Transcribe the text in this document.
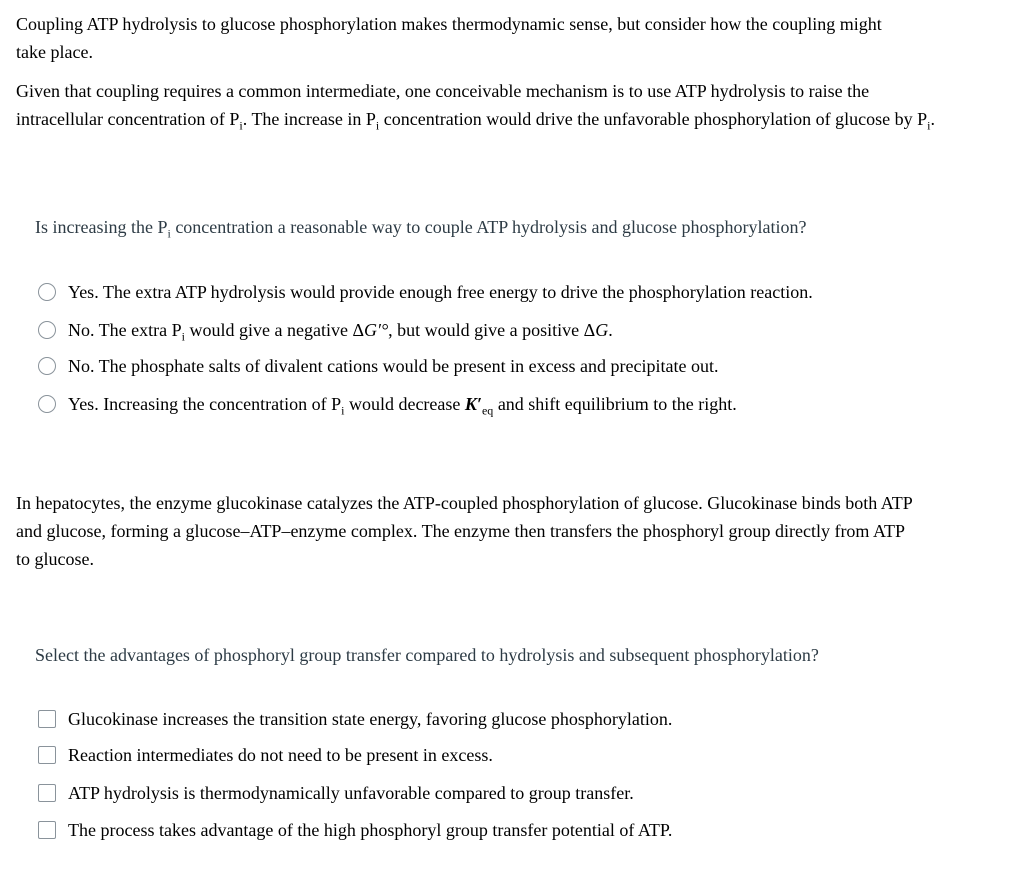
Coupling ATP hydrolysis to glucose phosphorylation makes thermodynamic sense, but consider how the coupling might
take place.

Given that coupling requires a common intermediate, one conceivable mechanism is to use ATP hydrolysis to raise the
intracellular concentration of $P_i$. The increase in $P_i$ concentration would drive the unfavorable phosphorylation of glucose by $P_i$.

Is increasing the $P_i$ concentration a reasonable way to couple ATP hydrolysis and glucose phosphorylation?

Yes. The extra ATP hydrolysis would provide enough free energy to drive the phosphorylation reaction.
No. The extra $P_i$ would give a negative ΔG′°, but would give a positive ΔG.
No. The phosphate salts of divalent cations would be present in excess and precipitate out.
Yes. Increasing the concentration of $P_i$ would decrease $K'_{eq}$ and shift equilibrium to the right.

In hepatocytes, the enzyme glucokinase catalyzes the ATP-coupled phosphorylation of glucose. Glucokinase binds both ATP
and glucose, forming a glucose–ATP–enzyme complex. The enzyme then transfers the phosphoryl group directly from ATP
to glucose.

Select the advantages of phosphoryl group transfer compared to hydrolysis and subsequent phosphorylation?

Glucokinase increases the transition state energy, favoring glucose phosphorylation.
Reaction intermediates do not need to be present in excess.
ATP hydrolysis is thermodynamically unfavorable compared to group transfer.
The process takes advantage of the high phosphoryl group transfer potential of ATP.
